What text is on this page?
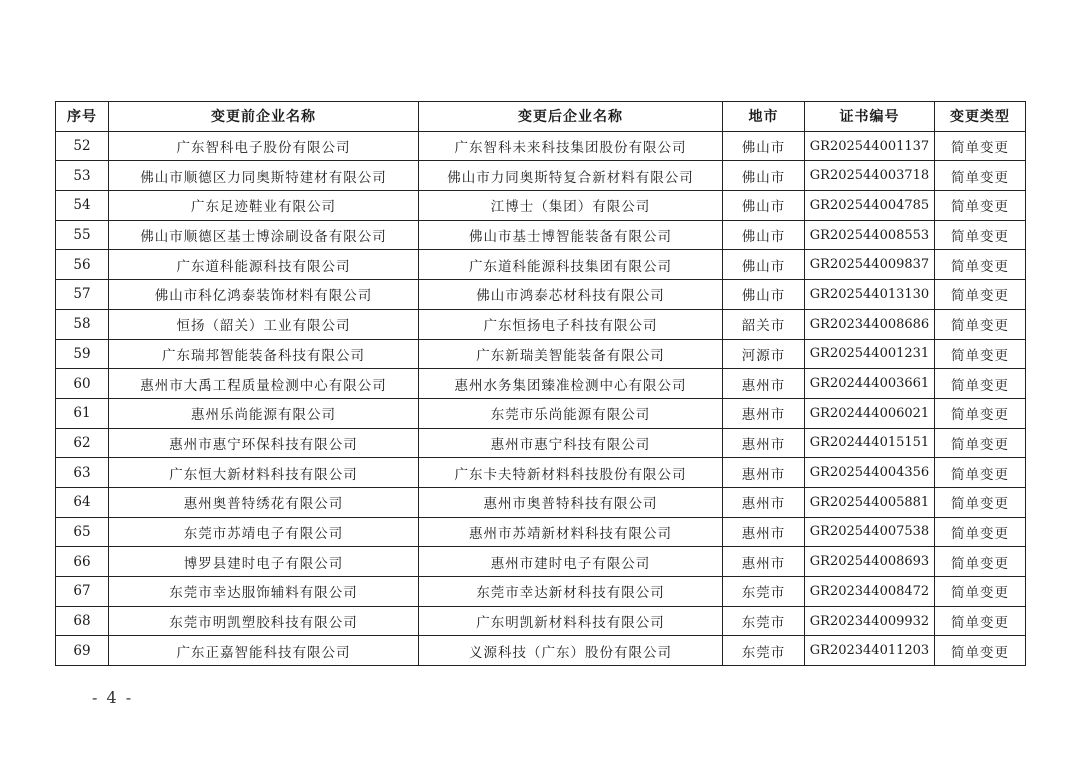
序号	变更前企业名称	变更后企业名称	地市	证书编号	变更类型
52	广东智科电子股份有限公司	广东智科未来科技集团股份有限公司	佛山市	GR202544001137	简单变更
53	佛山市顺德区力同奥斯特建材有限公司	佛山市力同奥斯特复合新材料有限公司	佛山市	GR202544003718	简单变更
54	广东足迹鞋业有限公司	江博士（集团）有限公司	佛山市	GR202544004785	简单变更
55	佛山市顺德区基士博涂刷设备有限公司	佛山市基士博智能装备有限公司	佛山市	GR202544008553	简单变更
56	广东道科能源科技有限公司	广东道科能源科技集团有限公司	佛山市	GR202544009837	简单变更
57	佛山市科亿鸿泰装饰材料有限公司	佛山市鸿泰芯材科技有限公司	佛山市	GR202544013130	简单变更
58	恒扬（韶关）工业有限公司	广东恒扬电子科技有限公司	韶关市	GR202344008686	简单变更
59	广东瑞邦智能装备科技有限公司	广东新瑞美智能装备有限公司	河源市	GR202544001231	简单变更
60	惠州市大禹工程质量检测中心有限公司	惠州水务集团臻准检测中心有限公司	惠州市	GR202444003661	简单变更
61	惠州乐尚能源有限公司	东莞市乐尚能源有限公司	惠州市	GR202444006021	简单变更
62	惠州市惠宁环保科技有限公司	惠州市惠宁科技有限公司	惠州市	GR202444015151	简单变更
63	广东恒大新材料科技有限公司	广东卡夫特新材料科技股份有限公司	惠州市	GR202544004356	简单变更
64	惠州奥普特绣花有限公司	惠州市奥普特科技有限公司	惠州市	GR202544005881	简单变更
65	东莞市苏靖电子有限公司	惠州市苏靖新材料科技有限公司	惠州市	GR202544007538	简单变更
66	博罗县建时电子有限公司	惠州市建时电子有限公司	惠州市	GR202544008693	简单变更
67	东莞市幸达服饰辅料有限公司	东莞市幸达新材科技有限公司	东莞市	GR202344008472	简单变更
68	东莞市明凯塑胶科技有限公司	广东明凯新材料科技有限公司	东莞市	GR202344009932	简单变更
69	广东正嘉智能科技有限公司	义源科技（广东）股份有限公司	东莞市	GR202344011203	简单变更
- 4 -
